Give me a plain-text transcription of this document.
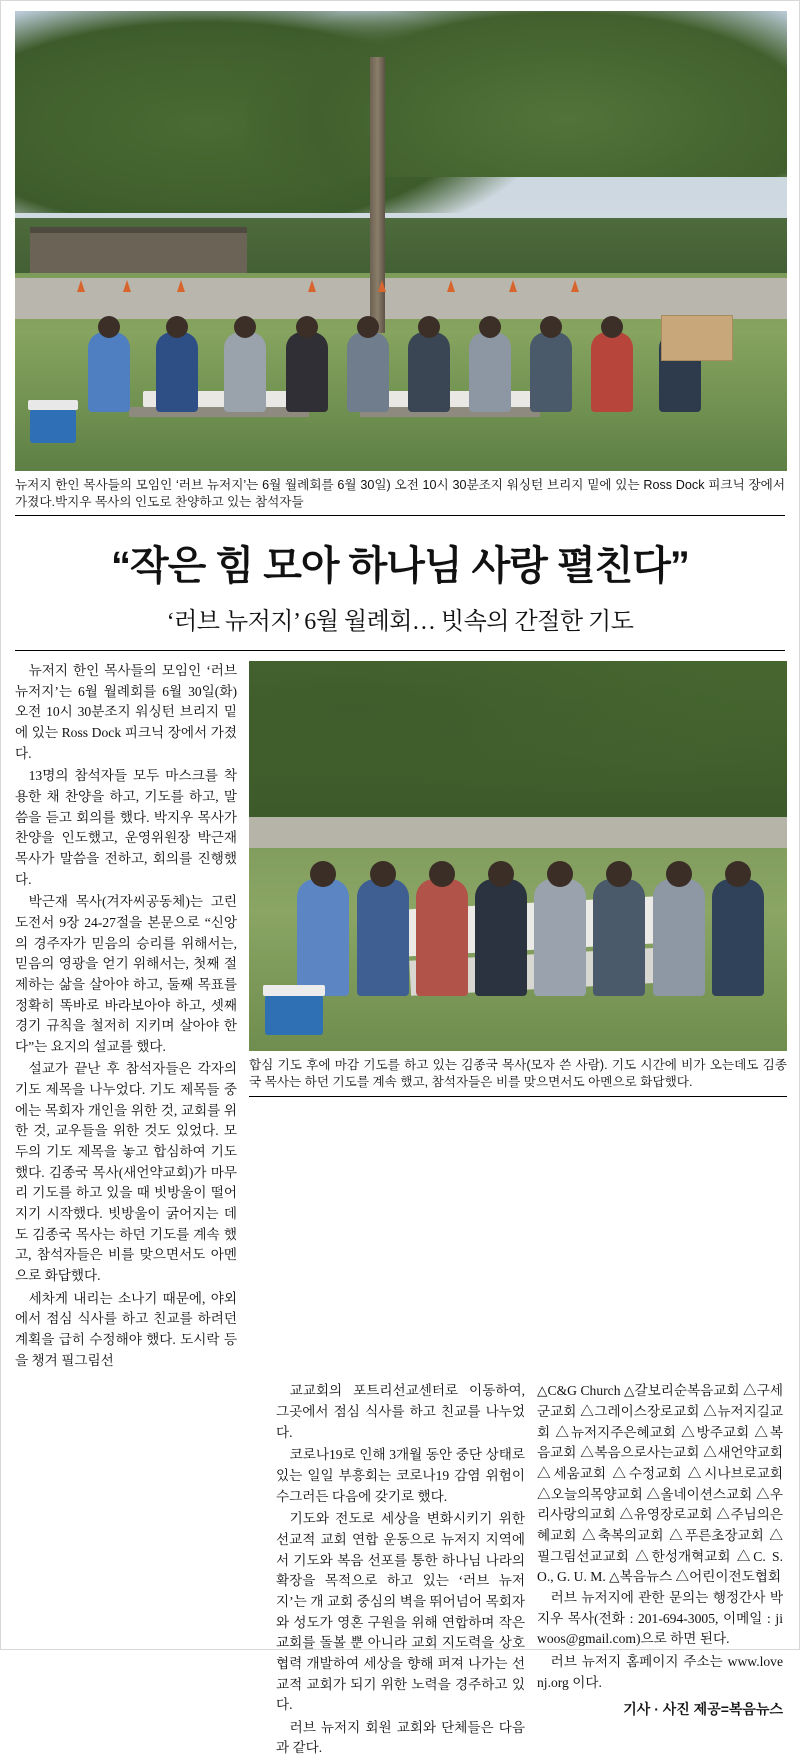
뉴저지 한인 목사들의 모임인 ‘러브 뉴저지’는 6월 월례회를 6월 30일) 오전 10시 30분조지 워싱턴 브리지 밑에 있는 Ross Dock 피크닉 장에서 가졌다.박지우 목사의 인도로 찬양하고 있는 참석자들
“작은 힘 모아 하나님 사랑 펼친다”
‘러브 뉴저지’ 6월 월례회… 빗속의 간절한 기도

뉴저지 한인 목사들의 모임인 ‘러브 뉴저지’는 6월 월례회를 6월 30일(화) 오전 10시 30분조지 워싱턴 브리지 밑에 있는 Ross Dock 피크닉 장에서 가졌다.

13명의 참석자들 모두 마스크를 착용한 채 찬양을 하고, 기도를 하고, 말씀을 듣고 회의를 했다. 박지우 목사가 찬양을 인도했고, 운영위원장 박근재 목사가 말씀을 전하고, 회의를 진행했다.

박근재 목사(겨자씨공동체)는 고린도전서 9장 24-27절을 본문으로 “신앙의 경주자가 믿음의 승리를 위해서는, 믿음의 영광을 얻기 위해서는, 첫째 절제하는 삶을 살아야 하고, 둘째 목표를 정확히 똑바로 바라보아야 하고, 셋째 경기 규칙을 철저히 지키며 살아야 한다”는 요지의 설교를 했다.

설교가 끝난 후 참석자들은 각자의 기도 제목을 나누었다. 기도 제목들 중에는 목회자 개인을 위한 것, 교회를 위한 것, 교우들을 위한 것도 있었다. 모두의 기도 제목을 놓고 합심하여 기도했다. 김종국 목사(새언약교회)가 마무리 기도를 하고 있을 때 빗방울이 떨어지기 시작했다. 빗방울이 굵어지는 데도 김종국 목사는 하던 기도를 계속 했고, 참석자들은 비를 맞으면서도 아멘으로 화답했다.

세차게 내리는 소나기 때문에, 야외에서 점심 식사를 하고 친교를 하려던 계획을 급히 수정해야 했다. 도시락 등을 챙겨 필그림선

합심 기도 후에 마감 기도를 하고 있는 김종국 목사(모자 쓴 사람). 기도 시간에 비가 오는데도 김종국 목사는 하던 기도를 계속 했고, 참석자들은 비를 맞으면서도 아멘으로 화답했다.

교교회의 포트리선교센터로 이동하여, 그곳에서 점심 식사를 하고 친교를 나누었다.

코로나19로 인해 3개월 동안 중단 상태로 있는 일일 부흥회는 코로나19 감염 위험이 수그러든 다음에 갖기로 했다.

기도와 전도로 세상을 변화시키기 위한 선교적 교회 연합 운동으로 뉴저지 지역에서 기도와 복음 선포를 통한 하나님 나라의 확장을 목적으로 하고 있는 ‘러브 뉴저지’는 개 교회 중심의 벽을 뛰어넘어 목회자와 성도가 영혼 구원을 위해 연합하며 작은 교회를 돌볼 뿐 아니라 교회 지도력을 상호 협력 개발하여 세상을 향해 퍼져 나가는 선교적 교회가 되기 위한 노력을 경주하고 있다.

러브 뉴저지 회원 교회와 단체들은 다음과 같다.

△C&G Church △갈보리순복음교회 △구세군교회 △그레이스장로교회 △뉴저지길교회 △뉴저지주은혜교회 △방주교회 △복음교회 △복음으로사는교회 △새언약교회 △세움교회 △수정교회 △시나브로교회 △오늘의목양교회 △올네이션스교회 △우리사랑의교회 △유영장로교회 △주님의은혜교회 △축복의교회 △푸른초장교회 △필그림선교교회 △한성개혁교회 △C. S. O., G. U. M. △복음뉴스 △어린이전도협회

러브 뉴저지에 관한 문의는 행정간사 박지우 목사(전화 : 201-694-3005, 이메일 : jiwoos@gmail.com)으로 하면 된다.

러브 뉴저지 홈페이지 주소는 www.lovenj.org 이다.

기사 · 사진 제공=복음뉴스
